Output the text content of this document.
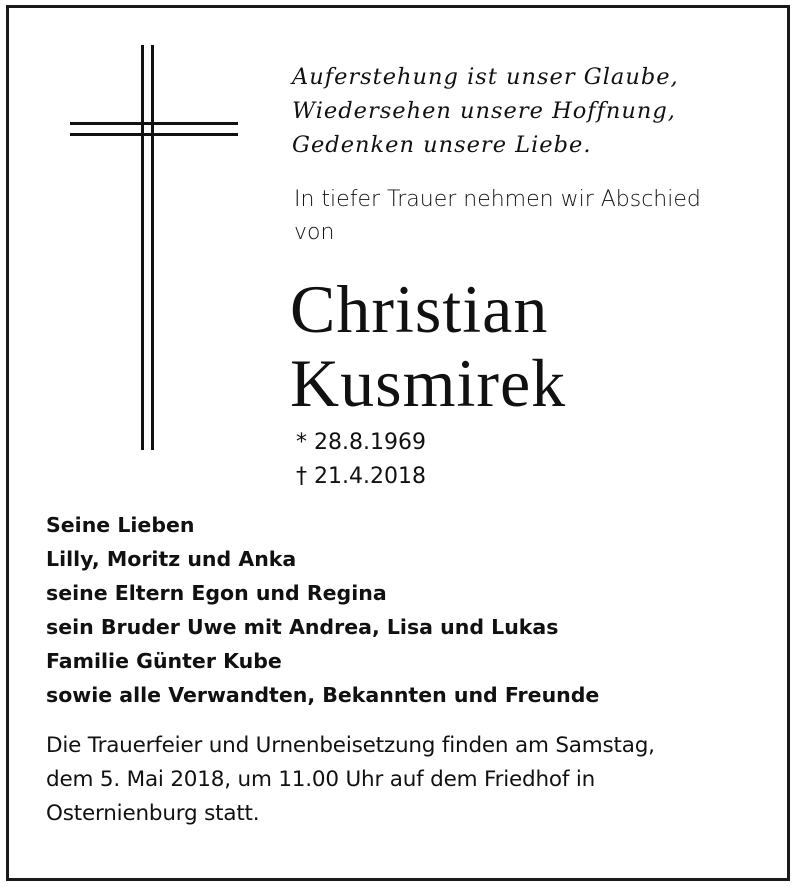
Auferstehung ist unser Glaube,
Wiedersehen unsere Hoffnung,
Gedenken unsere Liebe.
In tiefer Trauer nehmen wir Abschied
von
Christian
Kusmirek
* 28.8.1969
† 21.4.2018
Seine Lieben
Lilly, Moritz und Anka
seine Eltern Egon und Regina
sein Bruder Uwe mit Andrea, Lisa und Lukas
Familie Günter Kube
sowie alle Verwandten, Bekannten und Freunde
Die Trauerfeier und Urnenbeisetzung finden am Samstag,
dem 5. Mai 2018, um 11.00 Uhr auf dem Friedhof in
Osternienburg statt.
